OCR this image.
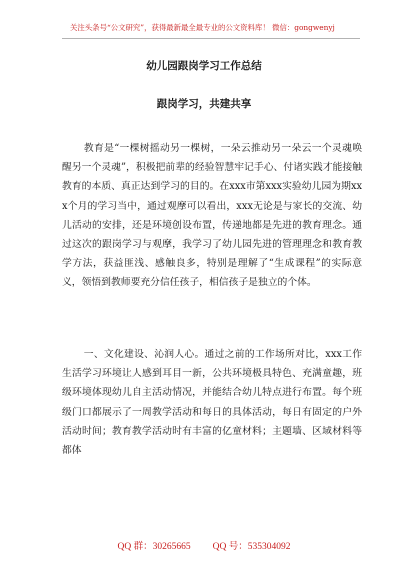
关注头条号“公文研究”，获得最新最全最专业的公文资料库！ 微信：gongwenyj
幼儿园跟岗学习工作总结
跟岗学习，共建共享

教育是“一棵树摇动另一棵树，一朵云推动另一朵云一个灵魂唤醒另一个灵魂”，积极把前辈的经验智慧牢记手心、付诸实践才能接触教育的本质、真正达到学习的目的。在xxx市第xxx实验幼儿园为期xxx个月的学习当中，通过观摩可以看出，xxx无论是与家长的交流、幼儿活动的安排，还是环境创设布置，传递地都是先进的教育理念。通过这次的跟岗学习与观摩，我学习了幼儿园先进的管理理念和教育教学方法，获益匪浅、感触良多，特别是理解了“生成课程”的实际意义，领悟到教师要充分信任孩子，相信孩子是独立的个体。

一、文化建设、沁润人心。通过之前的工作场所对比，xxx工作生活学习环境让人感到耳目一新，公共环境极具特色、充满童趣，班级环境体现幼儿自主活动情况，并能结合幼儿特点进行布置。每个班级门口都展示了一周教学活动和每日的具体活动，每日有固定的户外活动时间；教育教学活动时有丰富的亿童材料；主题墙、区域材料等都体

QQ 群：30265665 QQ 号：535304092
